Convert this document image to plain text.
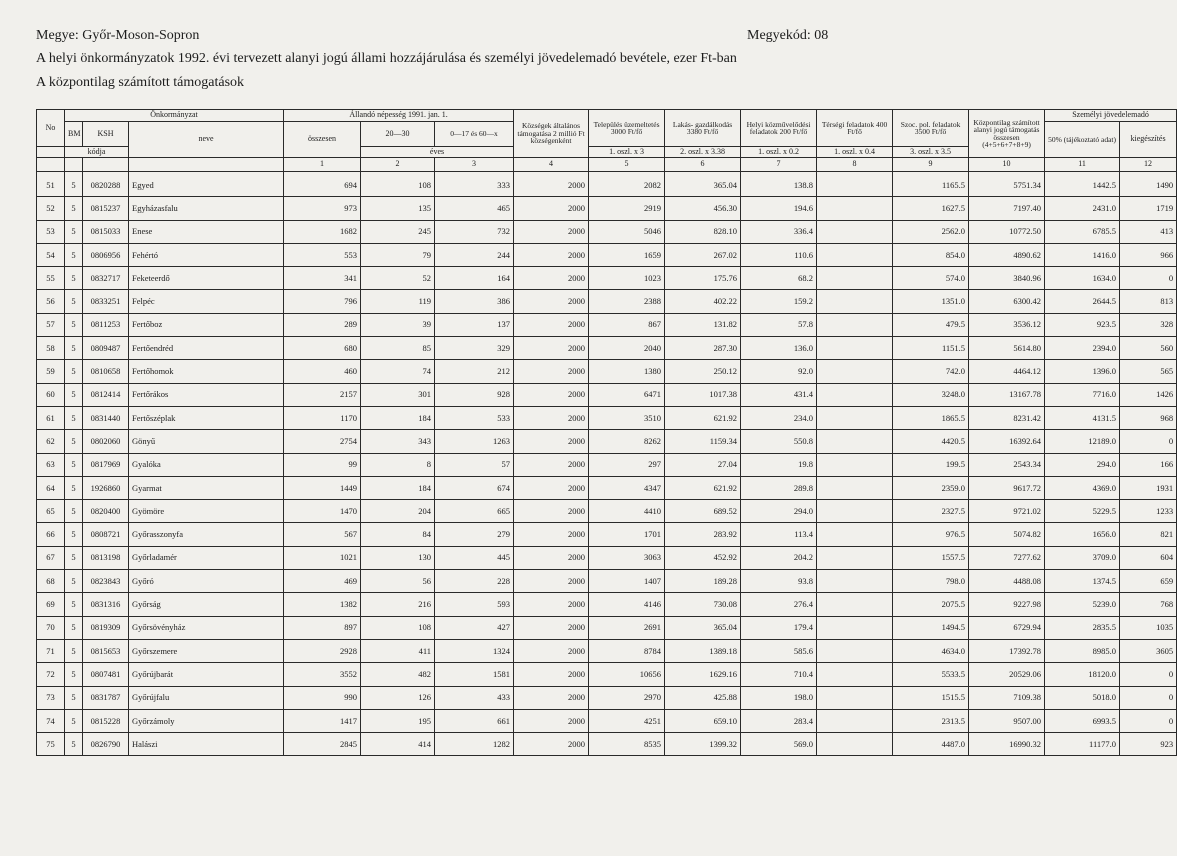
Megye: Győr-Moson-Sopron	Megyekód: 08
A helyi önkormányzatok 1992. évi tervezett alanyi jogú állami hozzájárulása és személyi jövedelemadó bevétele, ezer Ft-ban
A központilag számított támogatások
No	Önkormányzat			Állandó népesség 1991. jan. 1.			Községek általános támogatása 2 millió Ft községenként	Település üzemeltetés 3000 Ft/fő	Lakás- gazdálkodás 3380 Ft/fő	Helyi közművelődési feladatok 200 Ft/fő	Térségi feladatok 400 Ft/fő	Szoc. pol. feladatok 3500 Ft/fő	Központilag számított alanyi jogú támogatás összesen (4+5+6+7+8+9)	Személyi jövedelemadó	
	BM	KSH	neve	összesen	20—30	0—17 és 60—x								50% (tájékoztató adat)	kiegészítés
	kódja				éves			1. oszl. x 3	2. oszl. x 3.38	1. oszl. x 0.2	1. oszl. x 0.4	3. oszl. x 3.5			
				1	2	3	4	5	6	7	8	9	10	11	12
51	5	0820288	Egyed	694	108	333	2000	2082	365.04	138.8		1165.5	5751.34	1442.5	1490
52	5	0815237	Egyházasfalu	973	135	465	2000	2919	456.30	194.6		1627.5	7197.40	2431.0	1719
53	5	0815033	Enese	1682	245	732	2000	5046	828.10	336.4		2562.0	10772.50	6785.5	413
54	5	0806956	Fehértó	553	79	244	2000	1659	267.02	110.6		854.0	4890.62	1416.0	966
55	5	0832717	Feketeerdő	341	52	164	2000	1023	175.76	68.2		574.0	3840.96	1634.0	0
56	5	0833251	Felpéc	796	119	386	2000	2388	402.22	159.2		1351.0	6300.42	2644.5	813
57	5	0811253	Fertőboz	289	39	137	2000	867	131.82	57.8		479.5	3536.12	923.5	328
58	5	0809487	Fertőendréd	680	85	329	2000	2040	287.30	136.0		1151.5	5614.80	2394.0	560
59	5	0810658	Fertőhomok	460	74	212	2000	1380	250.12	92.0		742.0	4464.12	1396.0	565
60	5	0812414	Fertőrákos	2157	301	928	2000	6471	1017.38	431.4		3248.0	13167.78	7716.0	1426
61	5	0831440	Fertőszéplak	1170	184	533	2000	3510	621.92	234.0		1865.5	8231.42	4131.5	968
62	5	0802060	Gönyű	2754	343	1263	2000	8262	1159.34	550.8		4420.5	16392.64	12189.0	0
63	5	0817969	Gyalóka	99	8	57	2000	297	27.04	19.8		199.5	2543.34	294.0	166
64	5	1926860	Gyarmat	1449	184	674	2000	4347	621.92	289.8		2359.0	9617.72	4369.0	1931
65	5	0820400	Gyömöre	1470	204	665	2000	4410	689.52	294.0		2327.5	9721.02	5229.5	1233
66	5	0808721	Győrasszonyfa	567	84	279	2000	1701	283.92	113.4		976.5	5074.82	1656.0	821
67	5	0813198	Győrladamér	1021	130	445	2000	3063	452.92	204.2		1557.5	7277.62	3709.0	604
68	5	0823843	Győró	469	56	228	2000	1407	189.28	93.8		798.0	4488.08	1374.5	659
69	5	0831316	Győrság	1382	216	593	2000	4146	730.08	276.4		2075.5	9227.98	5239.0	768
70	5	0819309	Győrsövényház	897	108	427	2000	2691	365.04	179.4		1494.5	6729.94	2835.5	1035
71	5	0815653	Győrszemere	2928	411	1324	2000	8784	1389.18	585.6		4634.0	17392.78	8985.0	3605
72	5	0807481	Győrújbarát	3552	482	1581	2000	10656	1629.16	710.4		5533.5	20529.06	18120.0	0
73	5	0831787	Győrújfalu	990	126	433	2000	2970	425.88	198.0		1515.5	7109.38	5018.0	0
74	5	0815228	Győrzámoly	1417	195	661	2000	4251	659.10	283.4		2313.5	9507.00	6993.5	0
75	5	0826790	Halászi	2845	414	1282	2000	8535	1399.32	569.0		4487.0	16990.32	11177.0	923
